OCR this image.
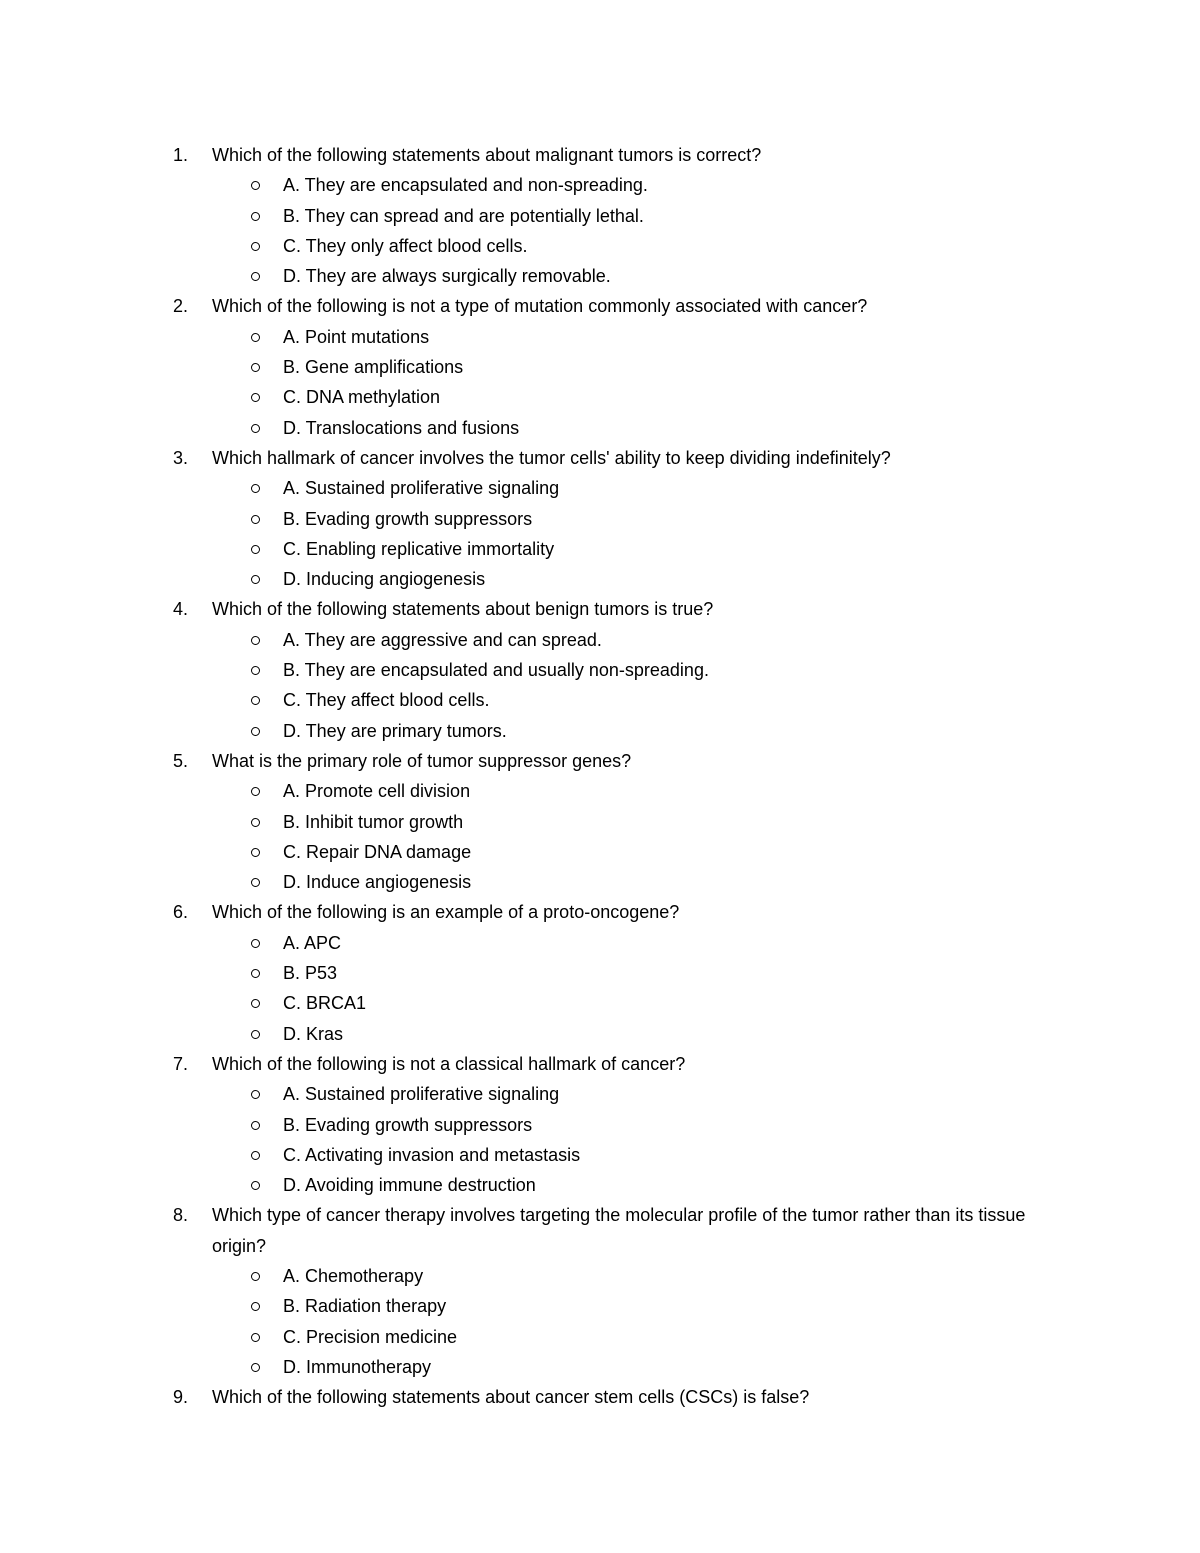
1.	Which of the following statements about malignant tumors is correct?
A. They are encapsulated and non-spreading.
B. They can spread and are potentially lethal.
C. They only affect blood cells.
D. They are always surgically removable.
2.	Which of the following is not a type of mutation commonly associated with cancer?
A. Point mutations
B. Gene amplifications
C. DNA methylation
D. Translocations and fusions
3.	Which hallmark of cancer involves the tumor cells' ability to keep dividing indefinitely?
A. Sustained proliferative signaling
B. Evading growth suppressors
C. Enabling replicative immortality
D. Inducing angiogenesis
4.	Which of the following statements about benign tumors is true?
A. They are aggressive and can spread.
B. They are encapsulated and usually non-spreading.
C. They affect blood cells.
D. They are primary tumors.
5.	What is the primary role of tumor suppressor genes?
A. Promote cell division
B. Inhibit tumor growth
C. Repair DNA damage
D. Induce angiogenesis
6.	Which of the following is an example of a proto-oncogene?
A. APC
B. P53
C. BRCA1
D. Kras
7.	Which of the following is not a classical hallmark of cancer?
A. Sustained proliferative signaling
B. Evading growth suppressors
C. Activating invasion and metastasis
D. Avoiding immune destruction
8.	Which type of cancer therapy involves targeting the molecular profile of the tumor rather than its tissue origin?
A. Chemotherapy
B. Radiation therapy
C. Precision medicine
D. Immunotherapy
9.	Which of the following statements about cancer stem cells (CSCs) is false?
